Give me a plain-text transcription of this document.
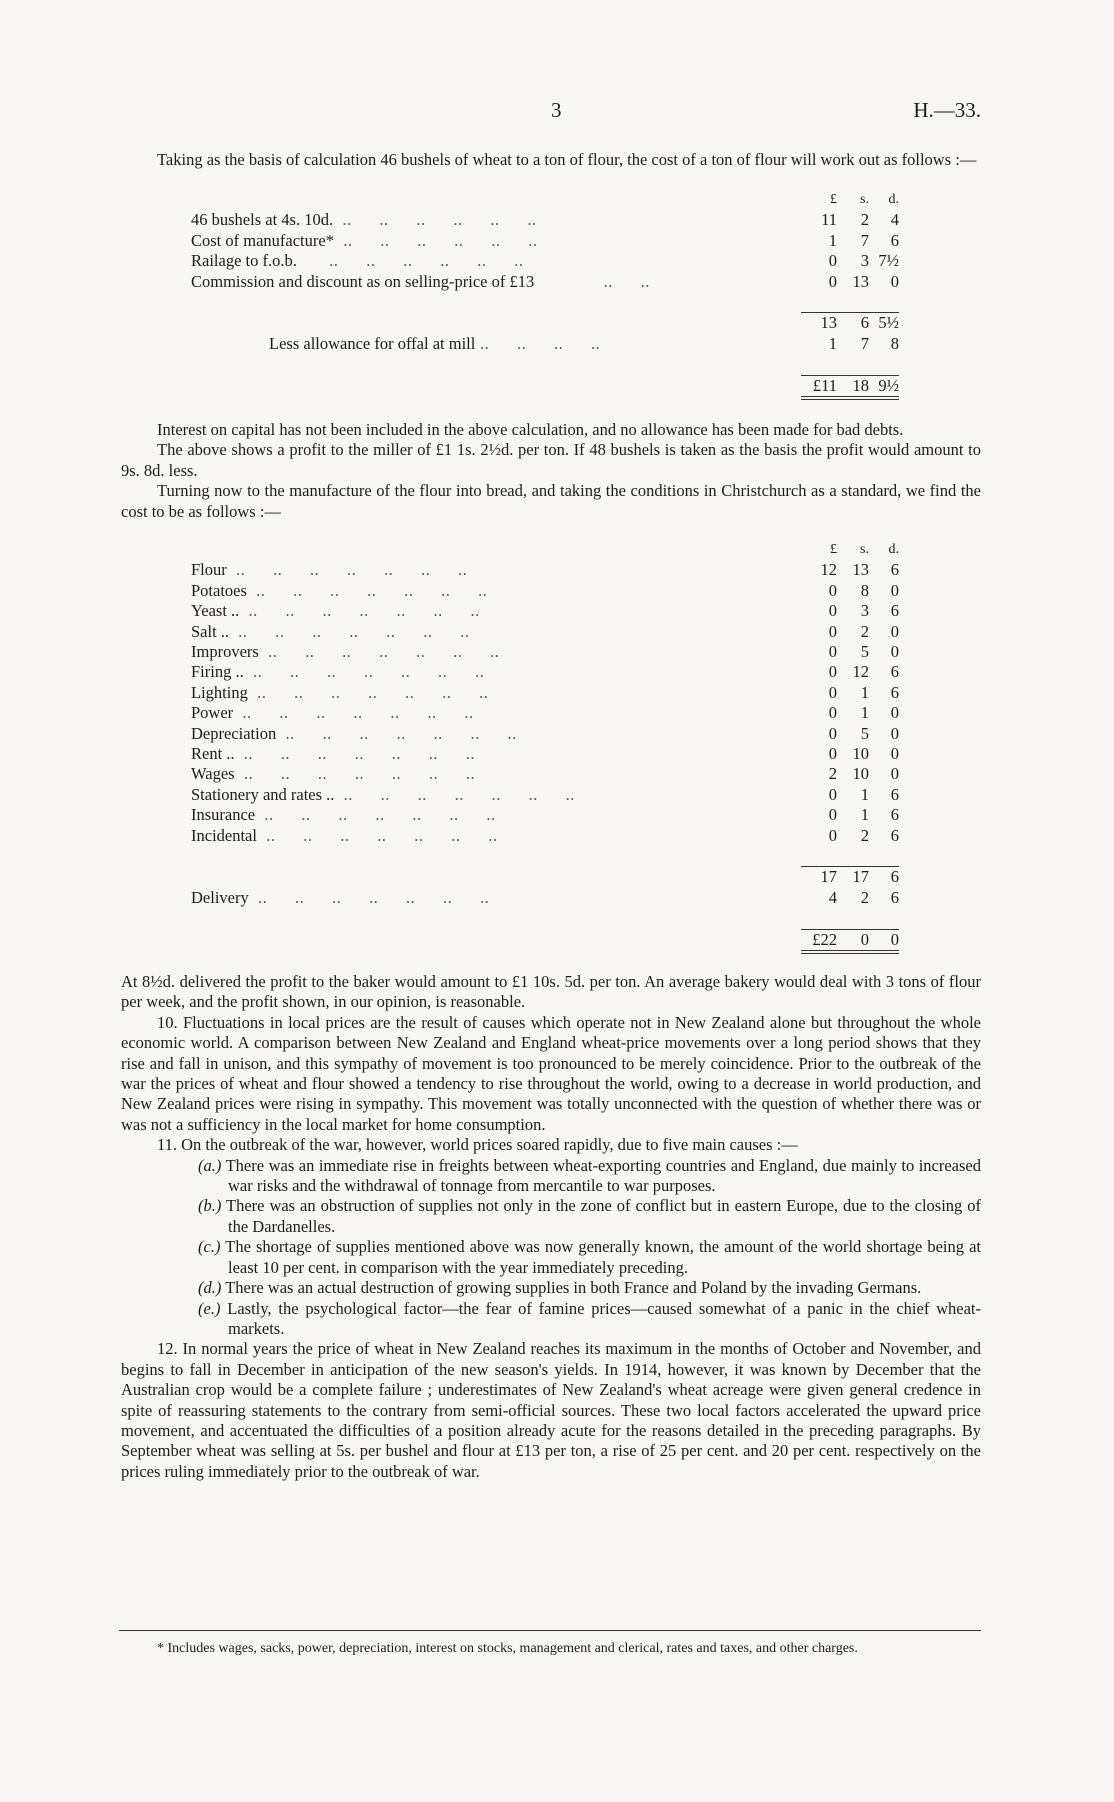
3	H.—33.

Taking as the basis of calculation 46 bushels of wheat to a ton of flour, the cost of a ton of flour will work out as follows :—

	£	s.	d.
46 bushels at 4s. 10d.  ..      ..      ..      ..      ..      ..	11	2	4
Cost of manufacture*  ..      ..      ..      ..      ..      ..	1	7	6
Railage to f.o.b.       ..      ..      ..      ..      ..      ..	0	3	7½
Commission and discount as on selling-price of £13               ..      ..	0	13	0

	13	6	5½
Less allowance for offal at mill ..      ..      ..      ..	1	7	8

	£11	18	9½

Interest on capital has not been included in the above calculation, and no allowance has been made for bad debts.

The above shows a profit to the miller of £1 1s. 2½d. per ton. If 48 bushels is taken as the basis the profit would amount to 9s. 8d. less.

Turning now to the manufacture of the flour into bread, and taking the conditions in Christchurch as a standard, we find the cost to be as follows :—

	£	s.	d.
Flour  ..      ..      ..      ..      ..      ..      ..	12	13	6
Potatoes  ..      ..      ..      ..      ..      ..      ..	0	8	0
Yeast ..  ..      ..      ..      ..      ..      ..      ..	0	3	6
Salt ..  ..      ..      ..      ..      ..      ..      ..	0	2	0
Improvers  ..      ..      ..      ..      ..      ..      ..	0	5	0
Firing ..  ..      ..      ..      ..      ..      ..      ..	0	12	6
Lighting  ..      ..      ..      ..      ..      ..      ..	0	1	6
Power  ..      ..      ..      ..      ..      ..      ..	0	1	0
Depreciation  ..      ..      ..      ..      ..      ..      ..	0	5	0
Rent ..  ..      ..      ..      ..      ..      ..      ..	0	10	0
Wages  ..      ..      ..      ..      ..      ..      ..	2	10	0
Stationery and rates ..  ..      ..      ..      ..      ..      ..      ..	0	1	6
Insurance  ..      ..      ..      ..      ..      ..      ..	0	1	6
Incidental  ..      ..      ..      ..      ..      ..      ..	0	2	6

	17	17	6
Delivery  ..      ..      ..      ..      ..      ..      ..	4	2	6

	£22	0	0

At 8½d. delivered the profit to the baker would amount to £1 10s. 5d. per ton. An average bakery would deal with 3 tons of flour per week, and the profit shown, in our opinion, is reasonable.

10. Fluctuations in local prices are the result of causes which operate not in New Zealand alone but throughout the whole economic world. A comparison between New Zealand and England wheat-price movements over a long period shows that they rise and fall in unison, and this sympathy of movement is too pronounced to be merely coincidence. Prior to the outbreak of the war the prices of wheat and flour showed a tendency to rise throughout the world, owing to a decrease in world production, and New Zealand prices were rising in sympathy. This movement was totally unconnected with the question of whether there was or was not a sufficiency in the local market for home consumption.

11. On the outbreak of the war, however, world prices soared rapidly, due to five main causes :—

(a.) There was an immediate rise in freights between wheat-exporting countries and England, due mainly to increased war risks and the withdrawal of tonnage from mercantile to war purposes.
(b.) There was an obstruction of supplies not only in the zone of conflict but in eastern Europe, due to the closing of the Dardanelles.
(c.) The shortage of supplies mentioned above was now generally known, the amount of the world shortage being at least 10 per cent. in comparison with the year immediately preceding.
(d.) There was an actual destruction of growing supplies in both France and Poland by the invading Germans.
(e.) Lastly, the psychological factor—the fear of famine prices—caused somewhat of a panic in the chief wheat-markets.

12. In normal years the price of wheat in New Zealand reaches its maximum in the months of October and November, and begins to fall in December in anticipation of the new season's yields. In 1914, however, it was known by December that the Australian crop would be a complete failure ; underestimates of New Zealand's wheat acreage were given general credence in spite of reassuring statements to the contrary from semi-official sources. These two local factors accelerated the upward price movement, and accentuated the difficulties of a position already acute for the reasons detailed in the preceding paragraphs. By September wheat was selling at 5s. per bushel and flour at £13 per ton, a rise of 25 per cent. and 20 per cent. respectively on the prices ruling immediately prior to the outbreak of war.

* Includes wages, sacks, power, depreciation, interest on stocks, management and clerical, rates and taxes, and other charges.
